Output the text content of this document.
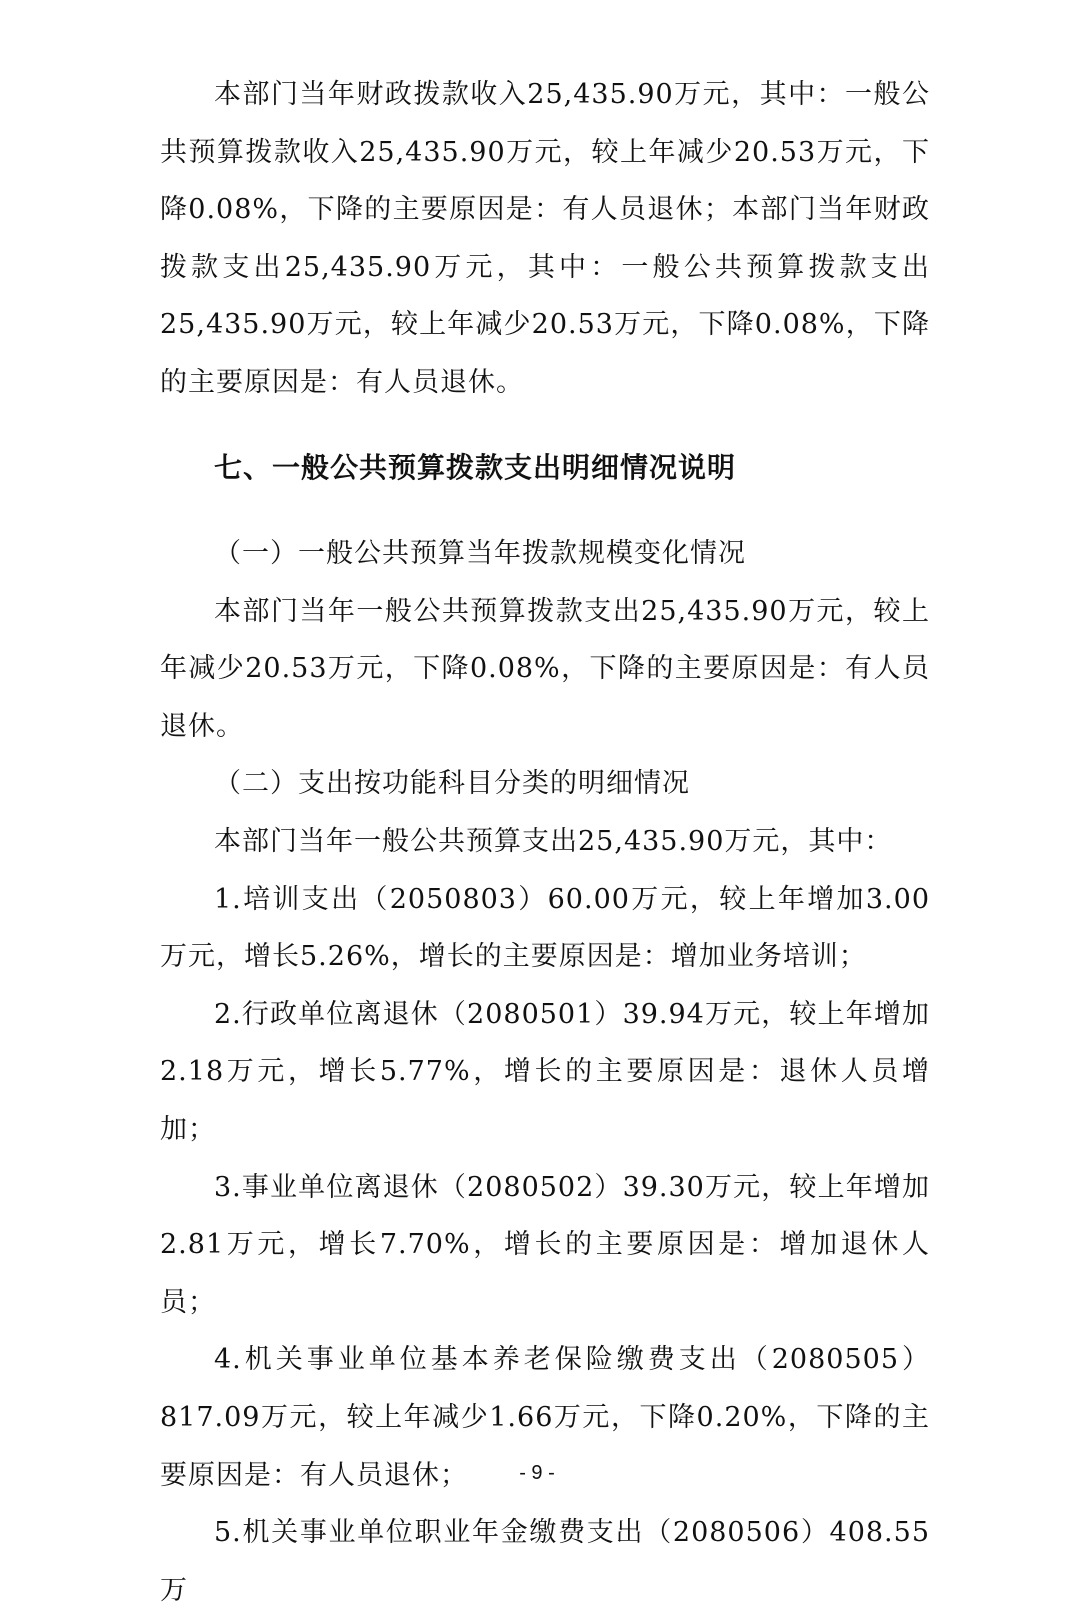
本部门当年财政拨款收入25,435.90万元，其中：一般公共预算拨款收入25,435.90万元，较上年减少20.53万元，下降0.08%，下降的主要原因是：有人员退休；本部门当年财政拨款支出25,435.90万元，其中：一般公共预算拨款支出25,435.90万元，较上年减少20.53万元，下降0.08%，下降的主要原因是：有人员退休。

七、一般公共预算拨款支出明细情况说明

（一）一般公共预算当年拨款规模变化情况

本部门当年一般公共预算拨款支出25,435.90万元，较上年减少20.53万元，下降0.08%，下降的主要原因是：有人员退休。

（二）支出按功能科目分类的明细情况

本部门当年一般公共预算支出25,435.90万元，其中：

1.培训支出（2050803）60.00万元，较上年增加3.00万元，增长5.26%，增长的主要原因是：增加业务培训；

2.行政单位离退休（2080501）39.94万元，较上年增加2.18万元，增长5.77%，增长的主要原因是：退休人员增加；

3.事业单位离退休（2080502）39.30万元，较上年增加2.81万元，增长7.70%，增长的主要原因是：增加退休人员；

4.机关事业单位基本养老保险缴费支出（2080505）817.09万元，较上年减少1.66万元，下降0.20%，下降的主要原因是：有人员退休；

5.机关事业单位职业年金缴费支出（2080506）408.55万

- 9 -
